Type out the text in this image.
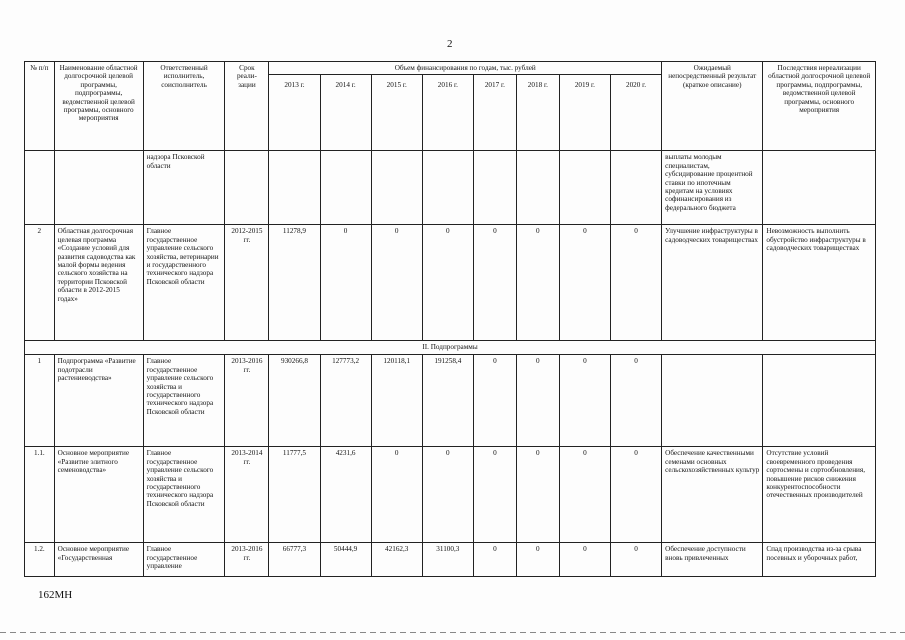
2
№ п/п	Наименование областной долгосрочной целевой программы, подпрограммы, ведомственной целевой программы, основного мероприятия	Ответственный исполнитель, соисполнитель	Срок реали-зации	Объем финансирования по годам, тыс. рублей								Ожидаемый непосредственный результат (краткое описание)	Последствия нереализации областной долгосрочной целевой программы, подпрограммы, ведомственной целевой программы, основного мероприятия
				2013 г.	2014 г.	2015 г.	2016 г.	2017 г.	2018 г.	2019 г.	2020 г.		
		надзора Псковской области										выплаты молодым специалистам, субсидирование процентной ставки по ипотечным кредитам на условиях софинансирования из федерального бюджета	
2	Областная долгосрочная целевая программа «Создание условий для развития садоводства как малой формы ведения сельского хозяйства на территории Псковской области в 2012-2015 годах»	Главное государственное управление сельского хозяйства, ветеринарии и государственного технического надзора Псковской области	2012-2015 гг.	11278,9	0	0	0	0	0	0	0	Улучшение инфраструктуры в садоводческих товариществах	Невозможность выполнить обустройство инфраструктуры в садоводческих товариществах
II. Подпрограммы													
1	Подпрограмма «Развитие подотрасли растениеводства»	Главное государственное управление сельского хозяйства и государственного технического надзора Псковской области	2013-2016 гг.	930266,8	127773,2	120118,1	191258,4	0	0	0	0		
1.1.	Основное мероприятие «Развитие элитного семеноводства»	Главное государственное управление сельского хозяйства и государственного технического надзора Псковской области	2013-2014 гг.	11777,5	4231,6	0	0	0	0	0	0	Обеспечение качественными семенами основных сельскохозяйственных культур	Отсутствие условий своевременного проведения сортосмены и сортообновления, повышение рисков снижения конкурентоспособности отечественных производителей
1.2.	Основное мероприятие «Государственная	Главное государственное управление	2013-2016 гг.	66777,3	50444,9	42162,3	31100,3	0	0	0	0	Обеспечение доступности вновь привлеченных	Спад производства из-за срыва посевных и уборочных работ,
162МН
